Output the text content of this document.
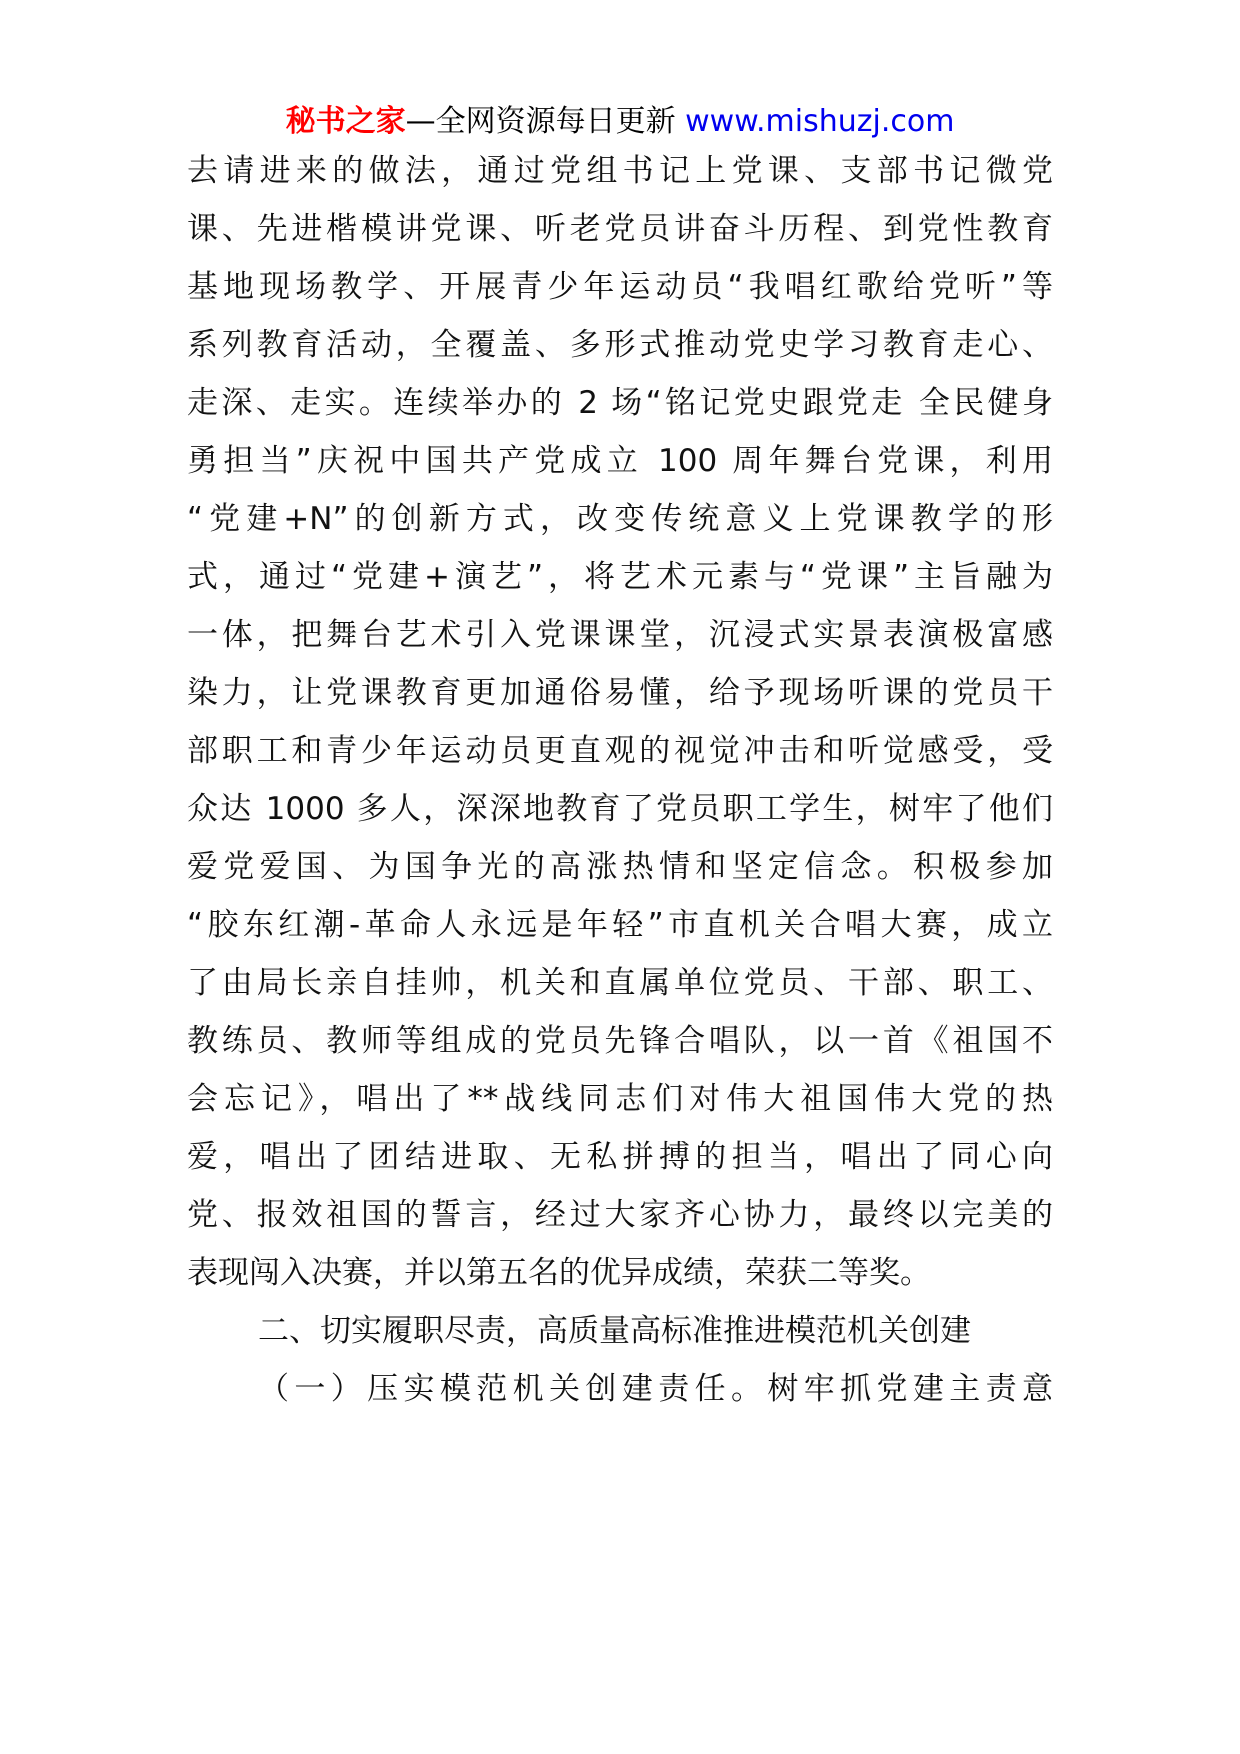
秘书之家—全网资源每日更新 www.mishuzj.com
去请进来的做法，通过党组书记上党课、支部书记微党
课、先进楷模讲党课、听老党员讲奋斗历程、到党性教育
基地现场教学、开展青少年运动员“我唱红歌给党听”等
系列教育活动，全覆盖、多形式推动党史学习教育走心、
走深、走实。连续举办的 2 场“铭记党史跟党走 全民健身
勇担当”庆祝中国共产党成立 100 周年舞台党课，利用
“党建+N”的创新方式，改变传统意义上党课教学的形
式，通过“党建+演艺”，将艺术元素与“党课”主旨融为
一体，把舞台艺术引入党课课堂，沉浸式实景表演极富感
染力，让党课教育更加通俗易懂，给予现场听课的党员干
部职工和青少年运动员更直观的视觉冲击和听觉感受，受
众达 1000 多人，深深地教育了党员职工学生，树牢了他们
爱党爱国、为国争光的高涨热情和坚定信念。积极参加
“胶东红潮-革命人永远是年轻”市直机关合唱大赛，成立
了由局长亲自挂帅，机关和直属单位党员、干部、职工、
教练员、教师等组成的党员先锋合唱队，以一首《祖国不
会忘记》，唱出了**战线同志们对伟大祖国伟大党的热
爱，唱出了团结进取、无私拼搏的担当，唱出了同心向
党、报效祖国的誓言，经过大家齐心协力，最终以完美的
表现闯入决赛，并以第五名的优异成绩，荣获二等奖。
二、切实履职尽责，高质量高标准推进模范机关创建
（一）压实模范机关创建责任。树牢抓党建主责意
